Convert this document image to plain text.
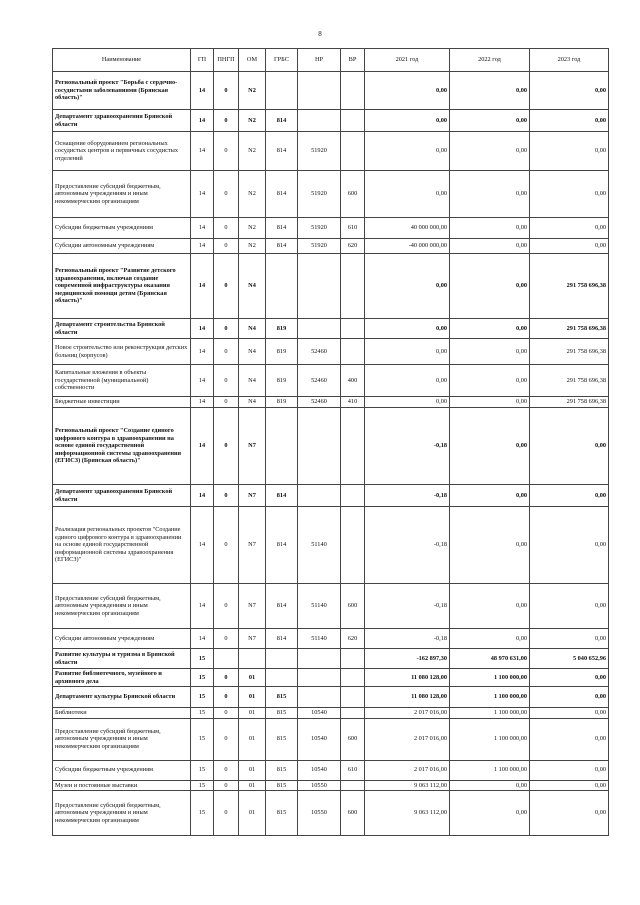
8
Наименование	ГП	ПНГП	ОМ	ГРБС	НР	ВР	2021 год	2022 год	2023 год
Региональный проект "Борьба с сердечно-сосудистыми заболеваниями (Брянская область)"	14	0	N2				0,00	0,00	0,00
Департамент здравоохранения Брянской области	14	0	N2	814			0,00	0,00	0,00
Оснащение оборудованием региональных сосудистых центров и первичных сосудистых отделений	14	0	N2	814	51920		0,00	0,00	0,00
Предоставление субсидий бюджетным, автономным учреждениям и иным некоммерческим организациям	14	0	N2	814	51920	600	0,00	0,00	0,00
Субсидии бюджетным учреждениям	14	0	N2	814	51920	610	40 000 000,00	0,00	0,00
Субсидии автономным учреждениям	14	0	N2	814	51920	620	-40 000 000,00	0,00	0,00
Региональный проект "Развитие детского здравоохранения, включая создание современной инфраструктуры оказания медицинской помощи детям (Брянская область)"	14	0	N4				0,00	0,00	291 758 696,38
Департамент строительства Брянской области	14	0	N4	819			0,00	0,00	291 758 696,38
Новое строительство или реконструкция детских больниц (корпусов)	14	0	N4	819	52460		0,00	0,00	291 758 696,38
Капитальные вложения в объекты государственной (муниципальной) собственности	14	0	N4	819	52460	400	0,00	0,00	291 758 696,38
Бюджетные инвестиции	14	0	N4	819	52460	410	0,00	0,00	291 758 696,38
Региональный проект "Создание единого цифрового контура в здравоохранении на основе единой государственной информационной системы здравоохранения (ЕГИСЗ) (Брянская область)"	14	0	N7				-0,18	0,00	0,00
Департамент здравоохранения Брянской области	14	0	N7	814			-0,18	0,00	0,00
Реализация региональных проектов "Создание единого цифрового контура в здравоохранении на основе единой государственной информационной системы здравоохранения (ЕГИСЗ)"	14	0	N7	814	51140		-0,18	0,00	0,00
Предоставление субсидий бюджетным, автономным учреждениям и иным некоммерческим организациям	14	0	N7	814	51140	600	-0,18	0,00	0,00
Субсидии автономным учреждениям	14	0	N7	814	51140	620	-0,18	0,00	0,00
Развитие культуры и туризма в Брянской области	15						-162 897,30	48 970 631,00	5 040 652,96
Развитие библиотечного, музейного и архивного дела	15	0	01				11 080 128,00	1 100 000,00	0,00
Департамент культуры Брянской области	15	0	01	815			11 080 128,00	1 100 000,00	0,00
Библиотеки	15	0	01	815	10540		2 017 016,00	1 100 000,00	0,00
Предоставление субсидий бюджетным, автономным учреждениям и иным некоммерческим организациям	15	0	01	815	10540	600	2 017 016,00	1 100 000,00	0,00
Субсидии бюджетным учреждениям	15	0	01	815	10540	610	2 017 016,00	1 100 000,00	0,00
Музеи и постоянные выставки	15	0	01	815	10550		9 063 112,00	0,00	0,00
Предоставление субсидий бюджетным, автономным учреждениям и иным некоммерческим организациям	15	0	01	815	10550	600	9 063 112,00	0,00	0,00
